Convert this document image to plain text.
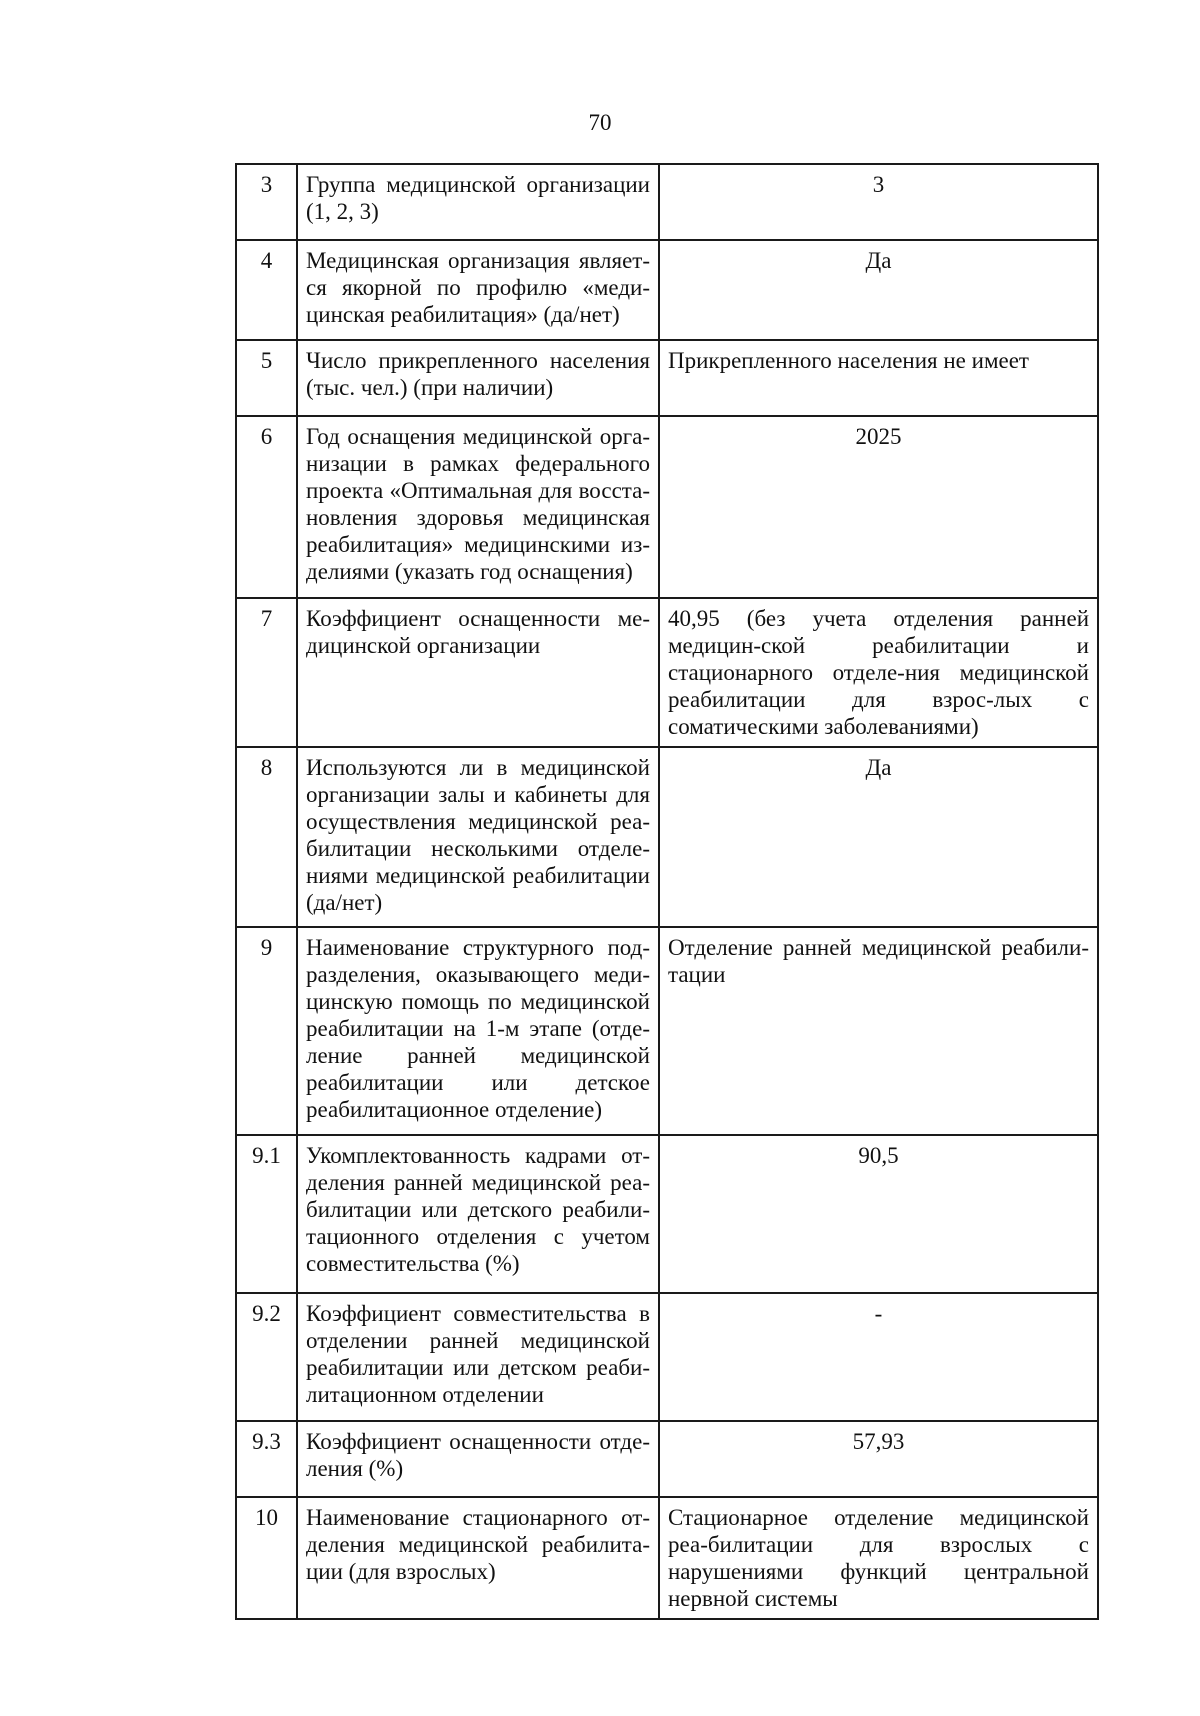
70
3	Группа медицинской организации (1, 2, 3)	3
4	Медицинская организация являет-ся якорной по профилю «меди-цинская реабилитация» (да/нет)	Да
5	Число прикрепленного населения (тыс. чел.) (при наличии)	Прикрепленного населения не имеет
6	Год оснащения медицинской орга-низации в рамках федерального проекта «Оптимальная для восста-новления здоровья медицинская реабилитация» медицинскими из-делиями (указать год оснащения)	2025
7	Коэффициент оснащенности ме-дицинской организации	40,95 (без учета отделения ранней медицин-ской реабилитации и стационарного отделе-ния медицинской реабилитации для взрос-лых с соматическими заболеваниями)
8	Используются ли в медицинской организации залы и кабинеты для осуществления медицинской реа-билитации несколькими отделе-ниями медицинской реабилитации (да/нет)	Да
9	Наименование структурного под-разделения, оказывающего меди-цинскую помощь по медицинской реабилитации на 1-м этапе (отде-ление ранней медицинской реабилитации или детское реабилитационное отделение)	Отделение ранней медицинской реабили-тации
9.1	Укомплектованность кадрами от-деления ранней медицинской реа-билитации или детского реабили-тационного отделения с учетом совместительства (%)	90,5
9.2	Коэффициент совместительства в отделении ранней медицинской реабилитации или детском реаби-литационном отделении	-
9.3	Коэффициент оснащенности отде-ления (%)	57,93
10	Наименование стационарного от-деления медицинской реабилита-ции (для взрослых)	Стационарное отделение медицинской реа-билитации для взрослых с нарушениями функций центральной нервной системы
